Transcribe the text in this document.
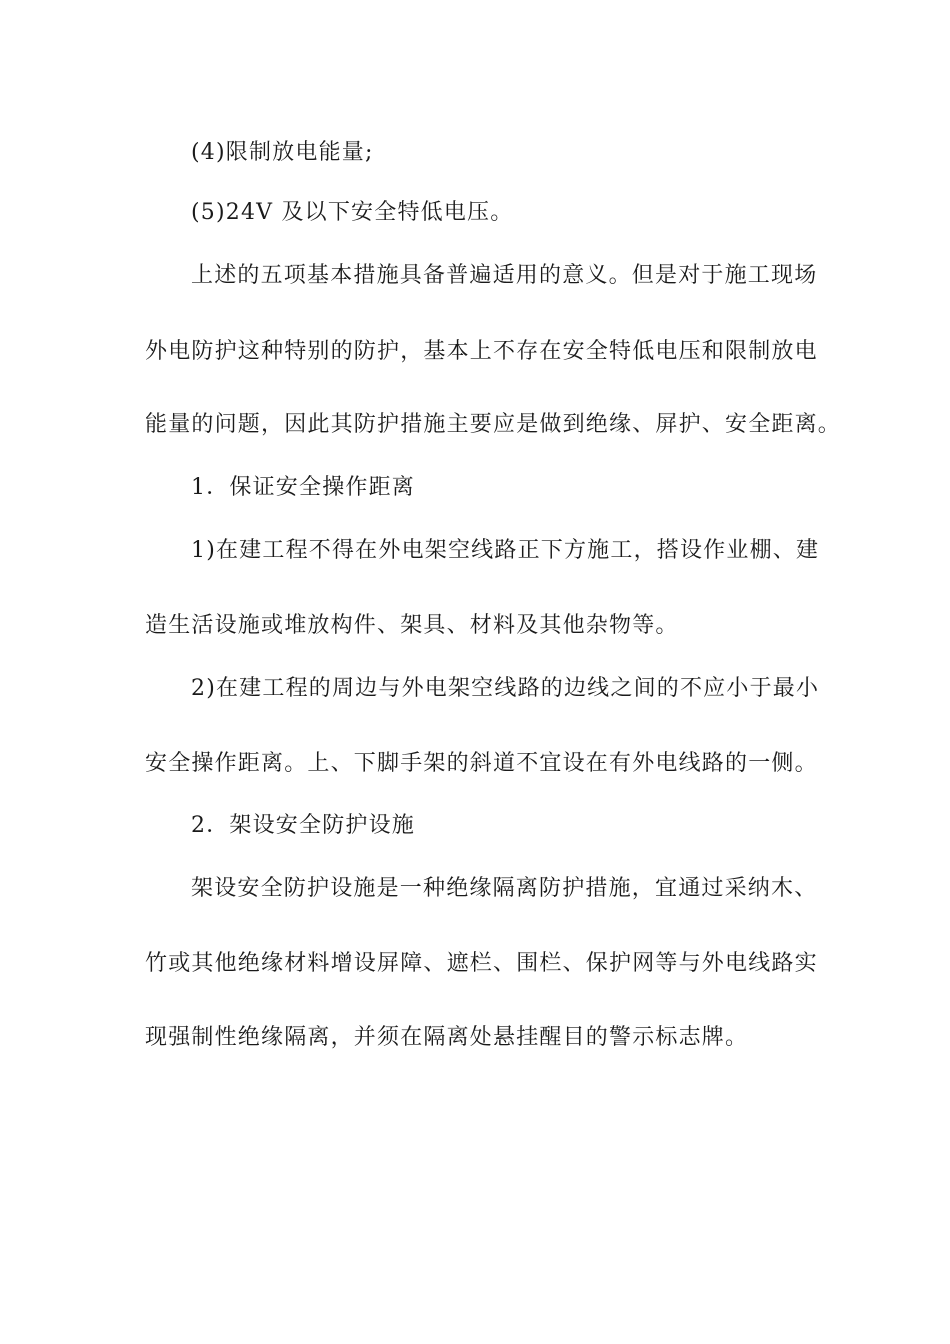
(4)限制放电能量;
(5)24V 及以下安全特低电压。
上述的五项基本措施具备普遍适用的意义。但是对于施工现场
外电防护这种特别的防护，基本上不存在安全特低电压和限制放电
能量的问题，因此其防护措施主要应是做到绝缘、屏护、安全距离。
1．保证安全操作距离
1)在建工程不得在外电架空线路正下方施工，搭设作业棚、建
造生活设施或堆放构件、架具、材料及其他杂物等。
2)在建工程的周边与外电架空线路的边线之间的不应小于最小
安全操作距离。上、下脚手架的斜道不宜设在有外电线路的一侧。
2．架设安全防护设施
架设安全防护设施是一种绝缘隔离防护措施，宜通过采纳木、
竹或其他绝缘材料增设屏障、遮栏、围栏、保护网等与外电线路实
现强制性绝缘隔离，并须在隔离处悬挂醒目的警示标志牌。
